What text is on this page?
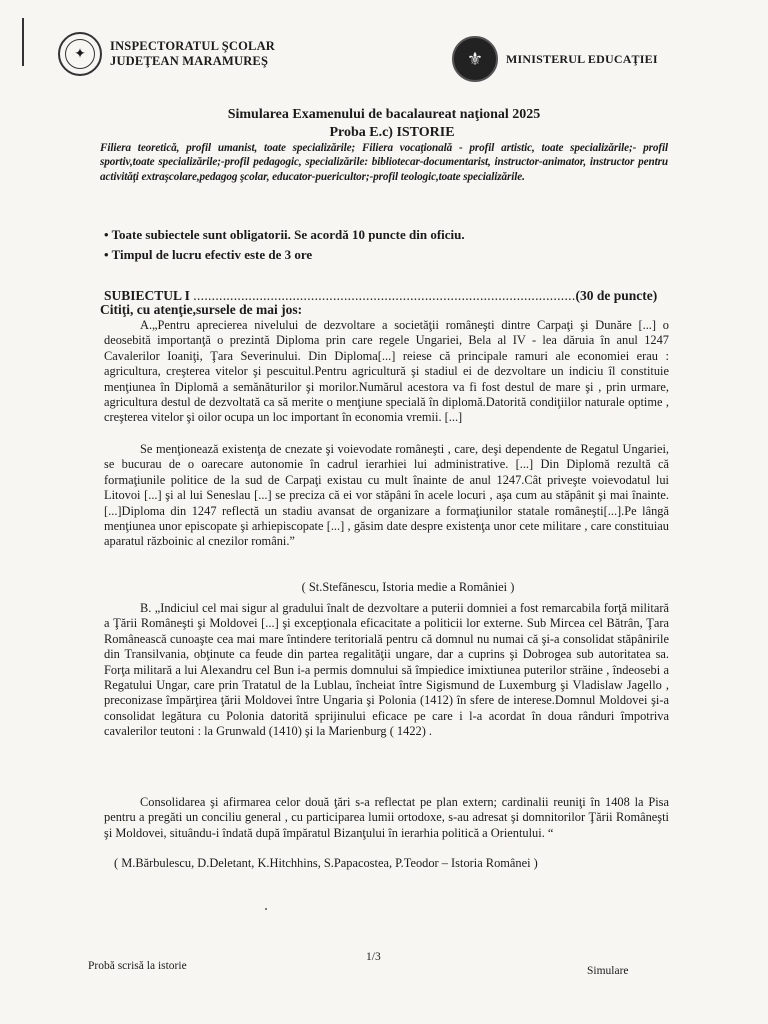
✦ INSPECTORATUL ŞCOLAR
JUDEŢEAN MARAMUREŞ	⚜	MINISTERUL EDUCAŢIEI
Simularea Examenului de bacalaureat naţional 2025
Proba E.c) ISTORIE
Filiera teoretică, profil umanist, toate specializările; Filiera vocaţională - profil artistic, toate specializările;- profil sportiv,toate specializările;-profil pedagogic, specializările: bibliotecar-documentarist, instructor-animator, instructor pentru activităţi extraşcolare,pedagog şcolar, educator-puericultor;-profil teologic,toate specializările.
• Toate subiectele sunt obligatorii. Se acordă 10 puncte din oficiu.
• Timpul de lucru efectiv este de 3 ore
SUBIECTUL I ........................................................................................................(30 de puncte)
Citiţi, cu atenţie,sursele de mai jos:
A.„Pentru aprecierea nivelului de dezvoltare a societăţii româneşti dintre Carpaţi şi Dunăre [...] o deosebită importanţă o prezintă Diploma prin care regele Ungariei, Bela al IV - lea dăruia în anul 1247 Cavalerilor Ioaniţi, Ţara Severinului. Din Diploma[...] reiese că principale ramuri ale economiei erau : agricultura, creşterea vitelor şi pescuitul.Pentru agricultură şi stadiul ei de dezvoltare un indiciu îl constituie menţiunea în Diplomă a semănăturilor şi morilor.Numărul acestora va fi fost destul de mare şi , prin urmare, agricultura destul de dezvoltată ca să merite o menţiune specială în diplomă.Datorită condiţiilor naturale optime , creşterea vitelor şi oilor ocupa un loc important în economia vremii. [...]
Se menţionează existenţa de cnezate şi voievodate româneşti , care, deşi dependente de Regatul Ungariei, se bucurau de o oarecare autonomie în cadrul ierarhiei lui administrative. [...] Din Diplomă rezultă că formaţiunile politice de la sud de Carpaţi existau cu mult înainte de anul 1247.Cât priveşte voievodatul lui Litovoi [...] şi al lui Seneslau [...] se preciza că ei vor stăpâni în acele locuri , aşa cum au stăpânit şi mai înainte.[...]Diploma din 1247 reflectă un stadiu avansat de organizare a formaţiunilor statale româneşti[...].Pe lângă menţiunea unor episcopate şi arhiepiscopate [...] , găsim date despre existenţa unor cete militare , care constituiau aparatul războinic al cnezilor români.”
( St.Stefănescu, Istoria medie a României )
B. „Indiciul cel mai sigur al gradului înalt de dezvoltare a puterii domniei a fost remarcabila forţă militară a Ţării Româneşti şi Moldovei [...] şi excepţionala eficacitate a politicii lor externe. Sub Mircea cel Bătrân, Ţara Românească cunoaşte cea mai mare întindere teritorială pentru că domnul nu numai că şi-a consolidat stăpânirile din Transilvania, obţinute ca feude din partea regalităţii ungare, dar a cuprins şi Dobrogea sub autoritatea sa. Forţa militară a lui Alexandru cel Bun i-a permis domnului să împiedice imixtiunea puterilor străine , îndeosebi a Regatului Ungar, care prin Tratatul de la Lublau, încheiat între Sigismund de Luxemburg şi Vladislaw Jagello , preconizase împărţirea ţării Moldovei între Ungaria şi Polonia (1412) în sfere de interese.Domnul Moldovei şi-a consolidat legătura cu Polonia datorită sprijinului eficace pe care i l-a acordat în doua rânduri împotriva cavalerilor teutoni : la Grunwald (1410) şi la Marienburg ( 1422) .
Consolidarea şi afirmarea celor două ţări s-a reflectat pe plan extern; cardinalii reuniţi în 1408 la Pisa pentru a pregăti un conciliu general , cu participarea lumii ortodoxe, s-au adresat şi domnitorilor Ţării Româneşti şi Moldovei, situându-i îndată după împăratul Bizanţului în ierarhia politică a Orientului. “
( M.Bărbulescu, D.Deletant, K.Hitchhins, S.Papacostea, P.Teodor – Istoria Românei )
Probă scrisă la istorie
1/3
Simulare
